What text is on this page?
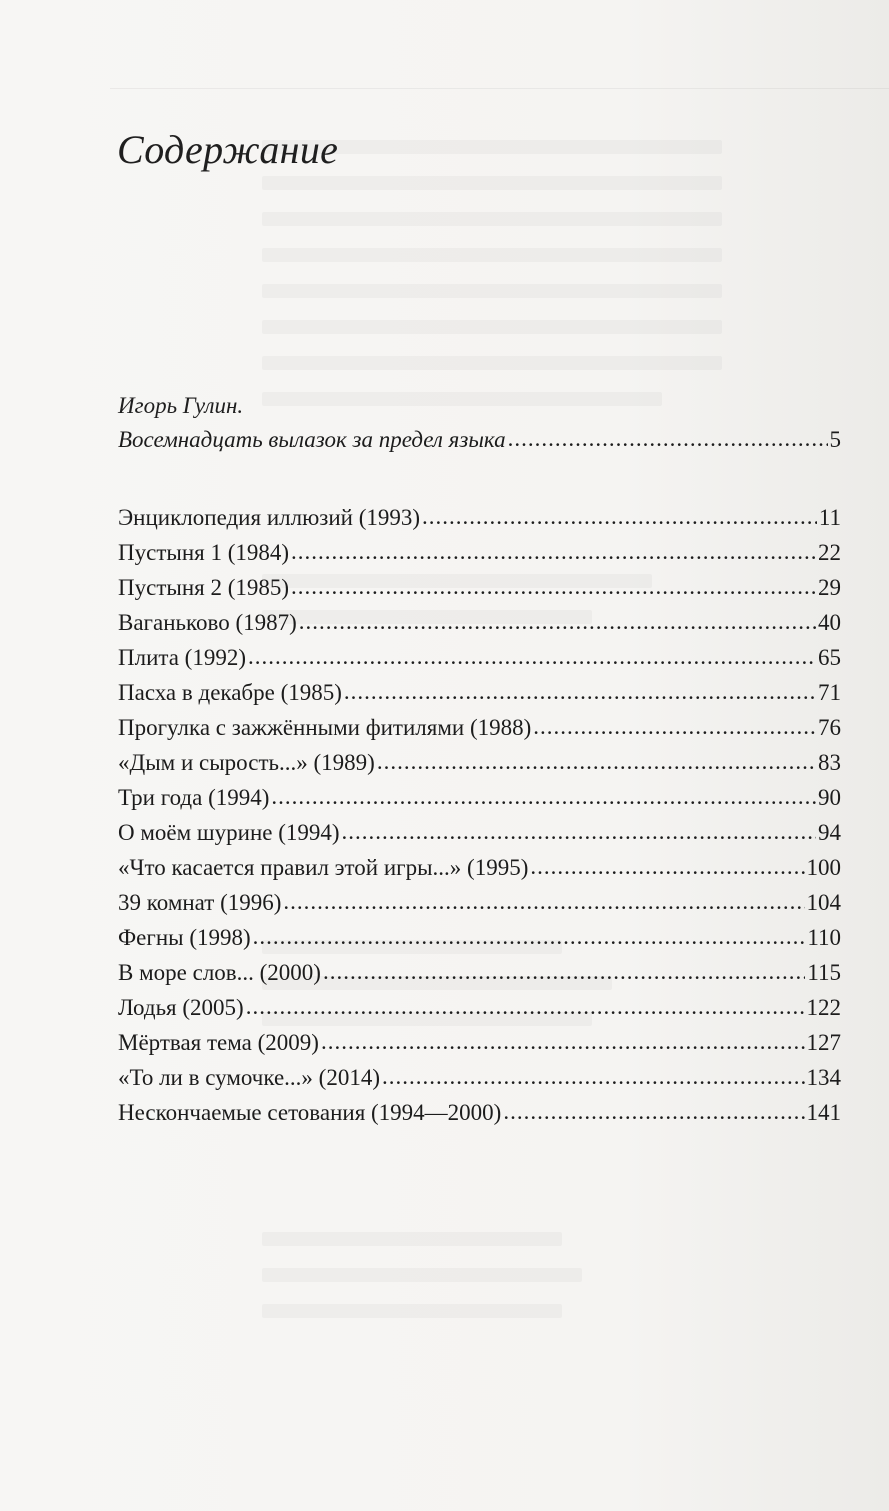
Содержание
Игорь Гулин.
Восемнадцать вылазок за предел языка .....	5
Энциклопедия иллюзий (1993) .....	11
Пустыня 1 (1984) .....	22
Пустыня 2 (1985) .....	29
Ваганьково (1987) .....	40
Плита (1992) .....	65
Пасха в декабре (1985) .....	71
Прогулка с зажжёнными фитилями (1988) .....	76
«Дым и сырость...» (1989) .....	83
Три года (1994) .....	90
О моём шурине (1994) .....	94
«Что касается правил этой игры...» (1995) .....	100
39 комнат (1996) .....	104
Фегны (1998) .....	110
В море слов... (2000) .....	115
Лодья (2005) .....	122
Мёртвая тема (2009) .....	127
«То ли в сумочке...» (2014) .....	134
Нескончаемые сетования (1994—2000) .....	141
